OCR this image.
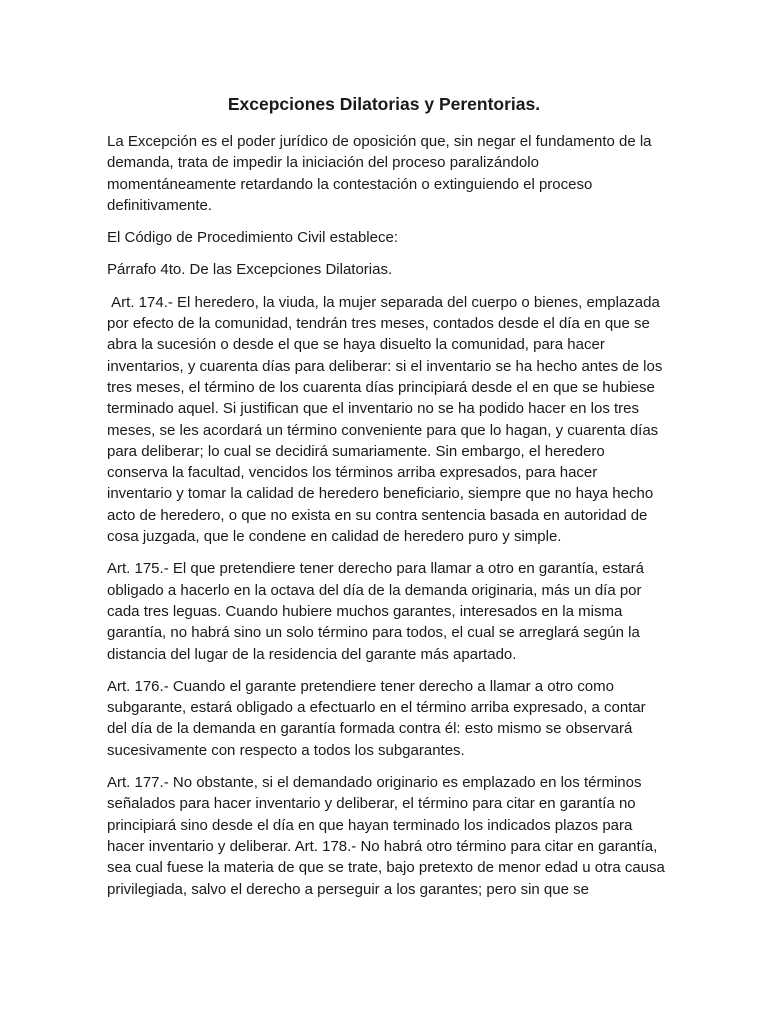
Excepciones Dilatorias y Perentorias.

La Excepción es el poder jurídico de oposición que, sin negar el fundamento de la demanda, trata de impedir la iniciación del proceso paralizándolo momentáneamente retardando la contestación o extinguiendo el proceso definitivamente.

El Código de Procedimiento Civil establece:

Párrafo 4to. De las Excepciones Dilatorias.

Art. 174.- El heredero, la viuda, la mujer separada del cuerpo o bienes, emplazada por efecto de la comunidad, tendrán tres meses, contados desde el día en que se abra la sucesión o desde el que se haya disuelto la comunidad, para hacer inventarios, y cuarenta días para deliberar: si el inventario se ha hecho antes de los tres meses, el término de los cuarenta días principiará desde el en que se hubiese terminado aquel. Si justifican que el inventario no se ha podido hacer en los tres meses, se les acordará un término conveniente para que lo hagan, y cuarenta días para deliberar; lo cual se decidirá sumariamente. Sin embargo, el heredero conserva la facultad, vencidos los términos arriba expresados, para hacer inventario y tomar la calidad de heredero beneficiario, siempre que no haya hecho acto de heredero, o que no exista en su contra sentencia basada en autoridad de cosa juzgada, que le condene en calidad de heredero puro y simple.

Art. 175.- El que pretendiere tener derecho para llamar a otro en garantía, estará obligado a hacerlo en la octava del día de la demanda originaria, más un día por cada tres leguas. Cuando hubiere muchos garantes, interesados en la misma garantía, no habrá sino un solo término para todos, el cual se arreglará según la distancia del lugar de la residencia del garante más apartado.

Art. 176.- Cuando el garante pretendiere tener derecho a llamar a otro como subgarante, estará obligado a efectuarlo en el término arriba expresado, a contar del día de la demanda en garantía formada contra él: esto mismo se observará sucesivamente con respecto a todos los subgarantes.

Art. 177.- No obstante, si el demandado originario es emplazado en los términos señalados para hacer inventario y deliberar, el término para citar en garantía no principiará sino desde el día en que hayan terminado los indicados plazos para hacer inventario y deliberar. Art. 178.- No habrá otro término para citar en garantía, sea cual fuese la materia de que se trate, bajo pretexto de menor edad u otra causa privilegiada, salvo el derecho a perseguir a los garantes; pero sin que se
